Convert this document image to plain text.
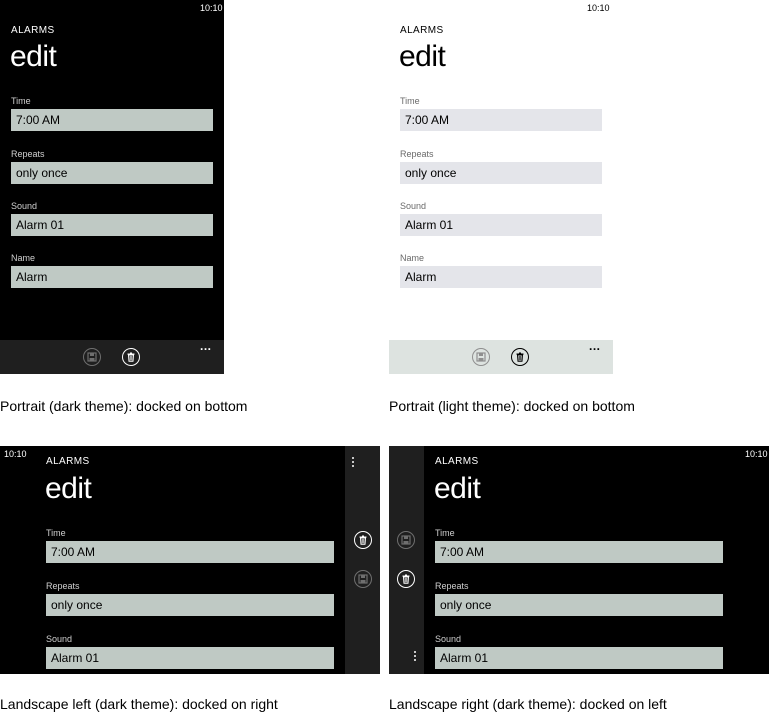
10:10
ALARMS
edit
Time
7:00 AM
Repeats
only once
Sound
Alarm 01
Name
Alarm
...
10:10
ALARMS
edit
Time
7:00 AM
Repeats
only once
Sound
Alarm 01
Name
Alarm
...
Portrait (dark theme): docked on bottom	Portrait (light theme): docked on bottom
10:10
ALARMS
edit
Time
7:00 AM
Repeats
only once
Sound
Alarm 01
10:10
ALARMS
edit
Time
7:00 AM
Repeats
only once
Sound
Alarm 01
Landscape left (dark theme): docked on right	Landscape right (dark theme): docked on left
